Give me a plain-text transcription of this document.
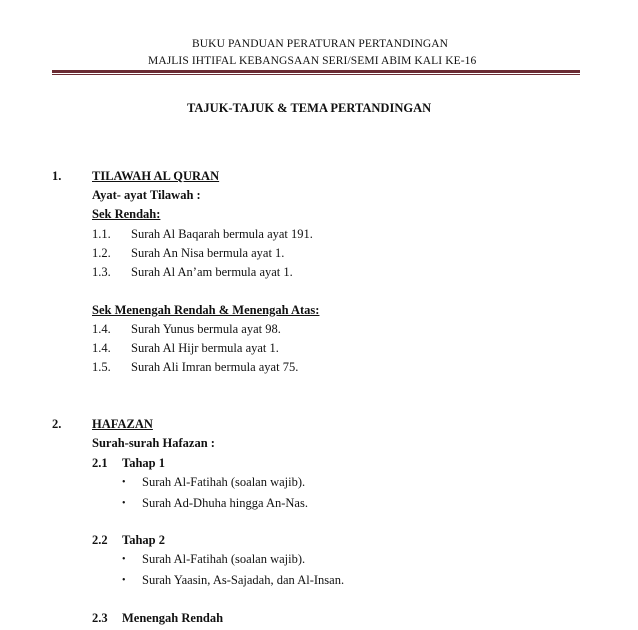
BUKU PANDUAN PERATURAN PERTANDINGAN
MAJLIS IHTIFAL KEBANGSAAN SERI/SEMI ABIM KALI KE-16
TAJUK-TAJUK & TEMA PERTANDINGAN
1. TILAWAH AL QURAN
Ayat- ayat Tilawah :
Sek Rendah:
1.1. Surah Al Baqarah bermula ayat 191.
1.2. Surah An Nisa bermula ayat 1.
1.3. Surah Al An’am bermula ayat 1.
Sek Menengah Rendah & Menengah Atas:
1.4. Surah Yunus bermula ayat 98.
1.4. Surah Al Hijr bermula ayat 1.
1.5. Surah Ali Imran bermula ayat 75.
2. HAFAZAN
Surah-surah Hafazan :
2.1 Tahap 1
• Surah Al-Fatihah (soalan wajib).
• Surah Ad-Dhuha hingga An-Nas.
2.2 Tahap 2
• Surah Al-Fatihah (soalan wajib).
• Surah Yaasin, As-Sajadah, dan Al-Insan.
2.3 Menengah Rendah
